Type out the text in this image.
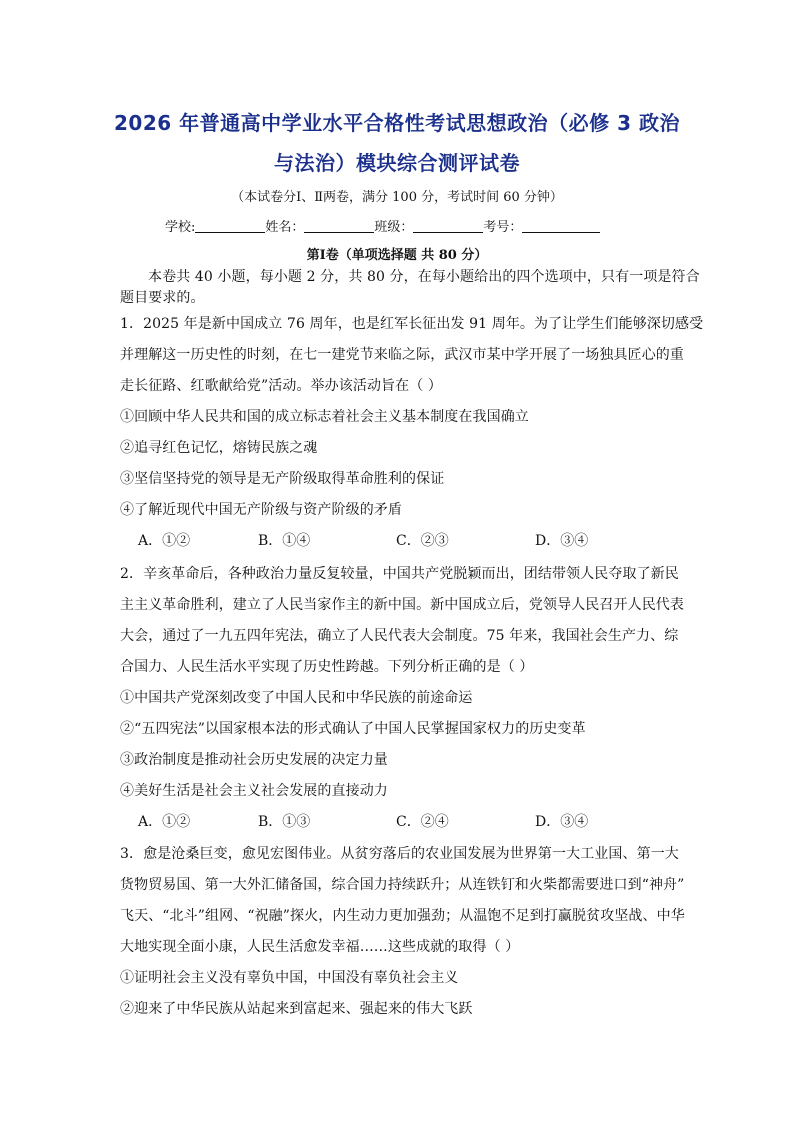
2026 年普通高中学业水平合格性考试思想政治（必修 3 政治
与法治）模块综合测评试卷
（本试卷分Ⅰ、Ⅱ两卷，满分 100 分，考试时间 60 分钟）
学校:	姓名：	班级：	考号：
第Ⅰ卷（单项选择题 共 80 分）
本卷共 40 小题，每小题 2 分，共 80 分，在每小题给出的四个选项中，只有一项是符合
题目要求的。
1．2025 年是新中国成立 76 周年，也是红军长征出发 91 周年。为了让学生们能够深切感受
并理解这一历史性的时刻，在七一建党节来临之际，武汉市某中学开展了一场独具匠心的重
走长征路、红歌献给党”活动。举办该活动旨在（ ）
①回顾中华人民共和国的成立标志着社会主义基本制度在我国确立
②追寻红色记忆，熔铸民族之魂
③坚信坚持党的领导是无产阶级取得革命胜利的保证
④了解近现代中国无产阶级与资产阶级的矛盾
A．①②	B．①④	C．②③	D．③④
2．辛亥革命后，各种政治力量反复较量，中国共产党脱颖而出，团结带领人民夺取了新民
主主义革命胜利，建立了人民当家作主的新中国。新中国成立后，党领导人民召开人民代表
大会，通过了一九五四年宪法，确立了人民代表大会制度。75 年来，我国社会生产力、综
合国力、人民生活水平实现了历史性跨越。下列分析正确的是（ ）
①中国共产党深刻改变了中国人民和中华民族的前途命运
②“五四宪法”以国家根本法的形式确认了中国人民掌握国家权力的历史变革
③政治制度是推动社会历史发展的决定力量
④美好生活是社会主义社会发展的直接动力
A．①②	B．①③	C．②④	D．③④
3．愈是沧桑巨变，愈见宏图伟业。从贫穷落后的农业国发展为世界第一大工业国、第一大
货物贸易国、第一大外汇储备国，综合国力持续跃升；从连铁钉和火柴都需要进口到“神舟”
飞天、“北斗”组网、“祝融”探火，内生动力更加强劲；从温饱不足到打赢脱贫攻坚战、中华
大地实现全面小康，人民生活愈发幸福……这些成就的取得（ ）
①证明社会主义没有辜负中国，中国没有辜负社会主义
②迎来了中华民族从站起来到富起来、强起来的伟大飞跃
